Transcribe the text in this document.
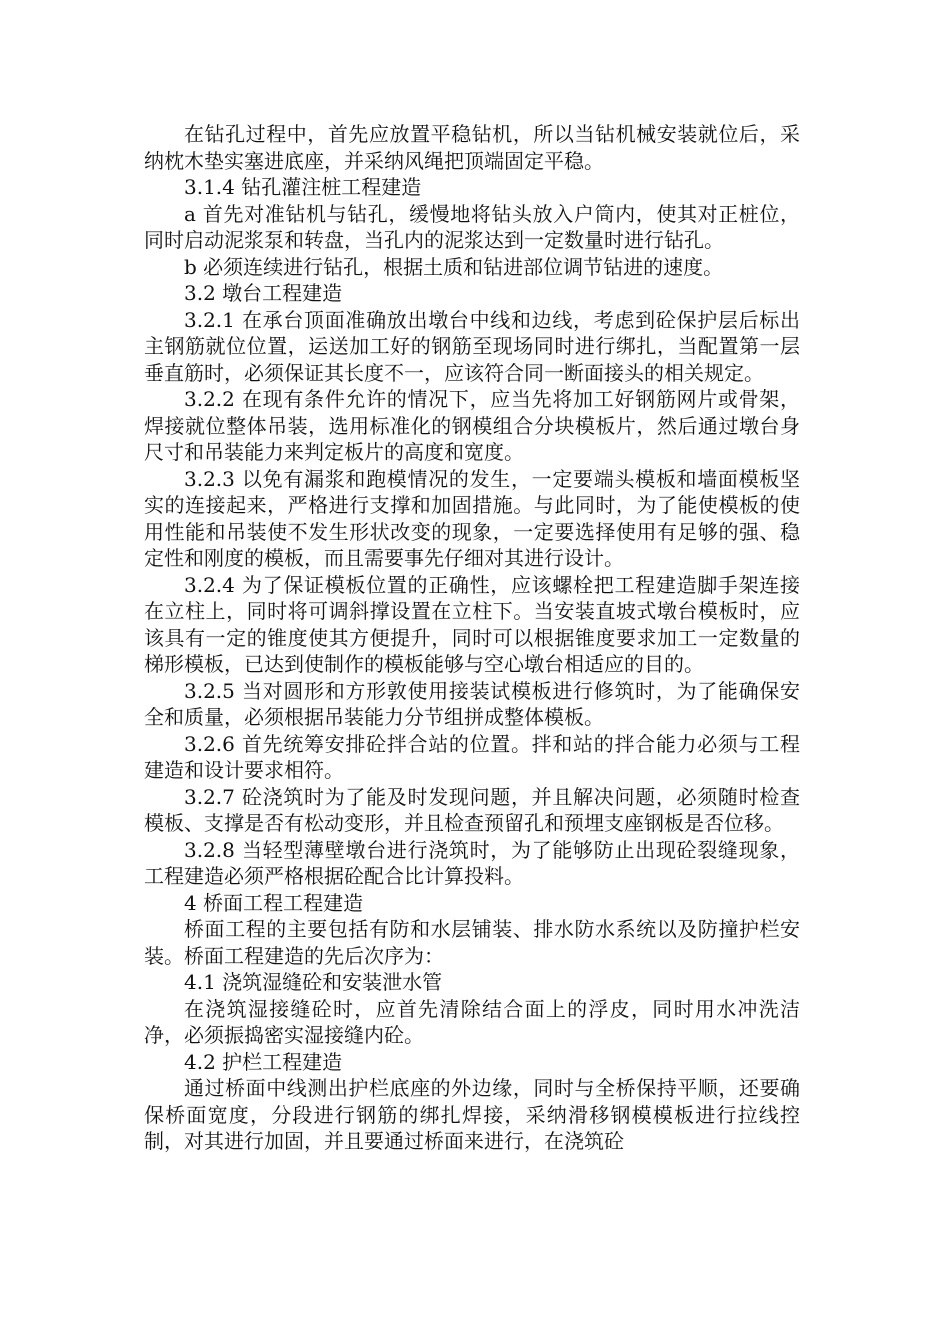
在钻孔过程中，首先应放置平稳钻机，所以当钻机械安装就位后，采纳枕木垫实塞进底座，并采纳风绳把顶端固定平稳。

3.1.4 钻孔灌注桩工程建造

a 首先对准钻机与钻孔，缓慢地将钻头放入户筒内，使其对正桩位，同时启动泥浆泵和转盘，当孔内的泥浆达到一定数量时进行钻孔。

b 必须连续进行钻孔，根据土质和钻进部位调节钻进的速度。

3.2 墩台工程建造

3.2.1 在承台顶面准确放出墩台中线和边线，考虑到砼保护层后标出主钢筋就位位置，运送加工好的钢筋至现场同时进行绑扎，当配置第一层垂直筋时，必须保证其长度不一，应该符合同一断面接头的相关规定。

3.2.2 在现有条件允许的情况下，应当先将加工好钢筋网片或骨架，焊接就位整体吊装，选用标准化的钢模组合分块模板片，然后通过墩台身尺寸和吊装能力来判定板片的高度和宽度。

3.2.3 以免有漏浆和跑模情况的发生，一定要端头模板和墙面模板坚实的连接起来，严格进行支撑和加固措施。与此同时，为了能使模板的使用性能和吊装使不发生形状改变的现象，一定要选择使用有足够的强、稳定性和刚度的模板，而且需要事先仔细对其进行设计。

3.2.4 为了保证模板位置的正确性，应该螺栓把工程建造脚手架连接在立柱上，同时将可调斜撑设置在立柱下。当安装直坡式墩台模板时，应该具有一定的锥度使其方便提升，同时可以根据锥度要求加工一定数量的梯形模板，已达到使制作的模板能够与空心墩台相适应的目的。

3.2.5 当对圆形和方形敦使用接装试模板进行修筑时，为了能确保安全和质量，必须根据吊装能力分节组拼成整体模板。

3.2.6 首先统筹安排砼拌合站的位置。拌和站的拌合能力必须与工程建造和设计要求相符。

3.2.7 砼浇筑时为了能及时发现问题，并且解决问题，必须随时检查模板、支撑是否有松动变形，并且检查预留孔和预埋支座钢板是否位移。

3.2.8 当轻型薄壁墩台进行浇筑时，为了能够防止出现砼裂缝现象，工程建造必须严格根据砼配合比计算投料。

4 桥面工程工程建造

桥面工程的主要包括有防和水层铺装、排水防水系统以及防撞护栏安装。桥面工程建造的先后次序为：

4.1 浇筑湿缝砼和安装泄水管

在浇筑湿接缝砼时，应首先清除结合面上的浮皮，同时用水冲洗洁净，必须振捣密实湿接缝内砼。

4.2 护栏工程建造

通过桥面中线测出护栏底座的外边缘，同时与全桥保持平顺，还要确保桥面宽度，分段进行钢筋的绑扎焊接，采纳滑移钢模模板进行拉线控制，对其进行加固，并且要通过桥面来进行，在浇筑砼
